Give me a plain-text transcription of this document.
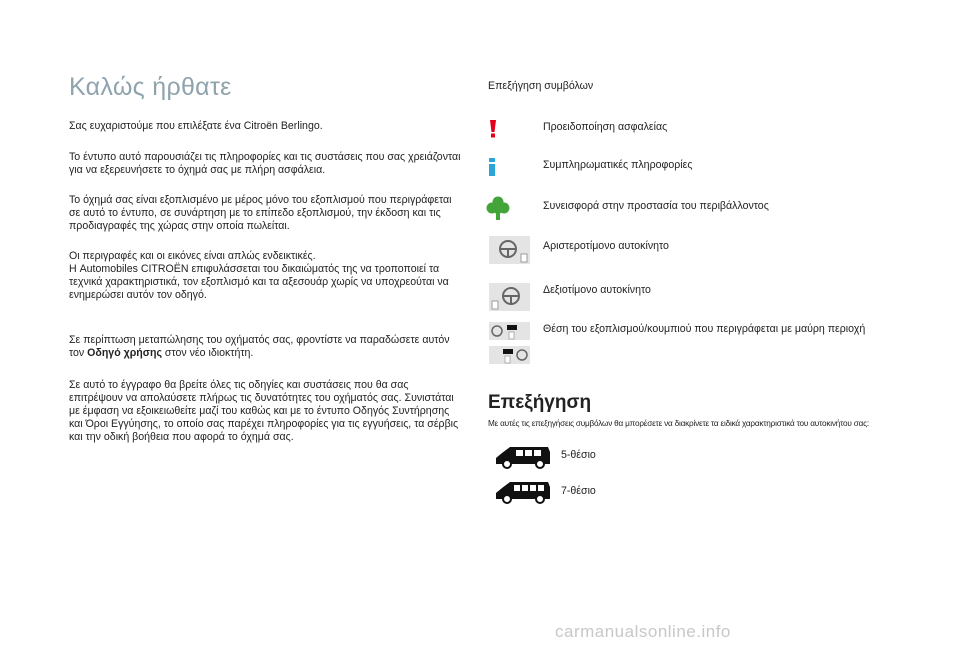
Καλώς ήρθατε

Σας ευχαριστούμε που επιλέξατε ένα Citroën Berlingo.

Το έντυπο αυτό παρουσιάζει τις πληροφορίες και τις συστάσεις που σας χρειάζονται
για να εξερευνήσετε το όχημά σας με πλήρη ασφάλεια.

Το όχημά σας είναι εξοπλισμένο με μέρος μόνο του εξοπλισμού που περιγράφεται
σε αυτό το έντυπο, σε συνάρτηση με το επίπεδο εξοπλισμού, την έκδοση και τις
προδιαγραφές της χώρας στην οποία πωλείται.

Οι περιγραφές και οι εικόνες είναι απλώς ενδεικτικές.
Η Automobiles CITROËN επιφυλάσσεται του δικαιώματός της να τροποποιεί τα
τεχνικά χαρακτηριστικά, τον εξοπλισμό και τα αξεσουάρ χωρίς να υποχρεούται να
ενημερώσει αυτόν τον οδηγό.

Σε περίπτωση μεταπώλησης του οχήματός σας, φροντίστε να παραδώσετε αυτόν
τον Οδηγό χρήσης στον νέο ιδιοκτήτη.

Σε αυτό το έγγραφο θα βρείτε όλες τις οδηγίες και συστάσεις που θα σας
επιτρέψουν να απολαύσετε πλήρως τις δυνατότητες του οχήματός σας. Συνιστάται
με έμφαση να εξοικειωθείτε μαζί του καθώς και με το έντυπο Οδηγός Συντήρησης
και Όροι Εγγύησης, το οποίο σας παρέχει πληροφορίες για τις εγγυήσεις, τα σέρβις
και την οδική βοήθεια που αφορά το όχημά σας.

Επεξήγηση συμβόλων
Προειδοποίηση ασφαλείας
Συμπληρωματικές πληροφορίες
Συνεισφορά στην προστασία του περιβάλλοντος
Αριστεροτίμονο αυτοκίνητο
Δεξιοτίμονο αυτοκίνητο
Θέση του εξοπλισμού/κουμπιού που περιγράφεται με μαύρη περιοχή
Επεξήγηση
Με αυτές τις επεξηγήσεις συμβόλων θα μπορέσετε να διακρίνετε τα ειδικά χαρακτηριστικά του αυτοκινήτου σας:
5-θέσιο
7-θέσιο
carmanualsonline.info
